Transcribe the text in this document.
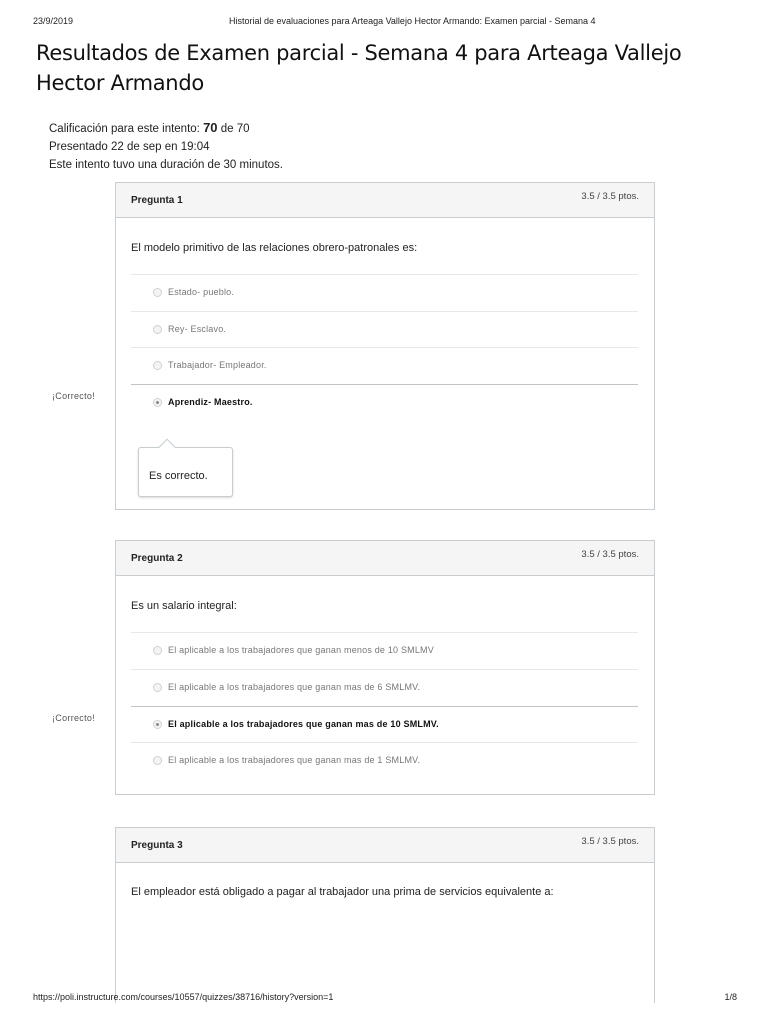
23/9/2019	Historial de evaluaciones para Arteaga Vallejo Hector Armando: Examen parcial - Semana 4
Resultados de Examen parcial - Semana 4 para Arteaga Vallejo Hector Armando
Calificación para este intento: 70 de 70
Presentado 22 de sep en 19:04
Este intento tuvo una duración de 30 minutos.
¡Correcto!
Pregunta 1	3.5 / 3.5 ptos.
El modelo primitivo de las relaciones obrero-patronales es:
Estado- pueblo.
Rey- Esclavo.
Trabajador- Empleador.
Aprendiz- Maestro.
Es correcto.
¡Correcto!
Pregunta 2	3.5 / 3.5 ptos.
Es un salario integral:
El aplicable a los trabajadores que ganan menos de 10 SMLMV
El aplicable a los trabajadores que ganan mas de 6 SMLMV.
El aplicable a los trabajadores que ganan mas de 10 SMLMV.
El aplicable a los trabajadores que ganan mas de 1 SMLMV.
Pregunta 3	3.5 / 3.5 ptos.
El empleador está obligado a pagar al trabajador una prima de servicios equivalente a:
https://poli.instructure.com/courses/10557/quizzes/38716/history?version=1	1/8
